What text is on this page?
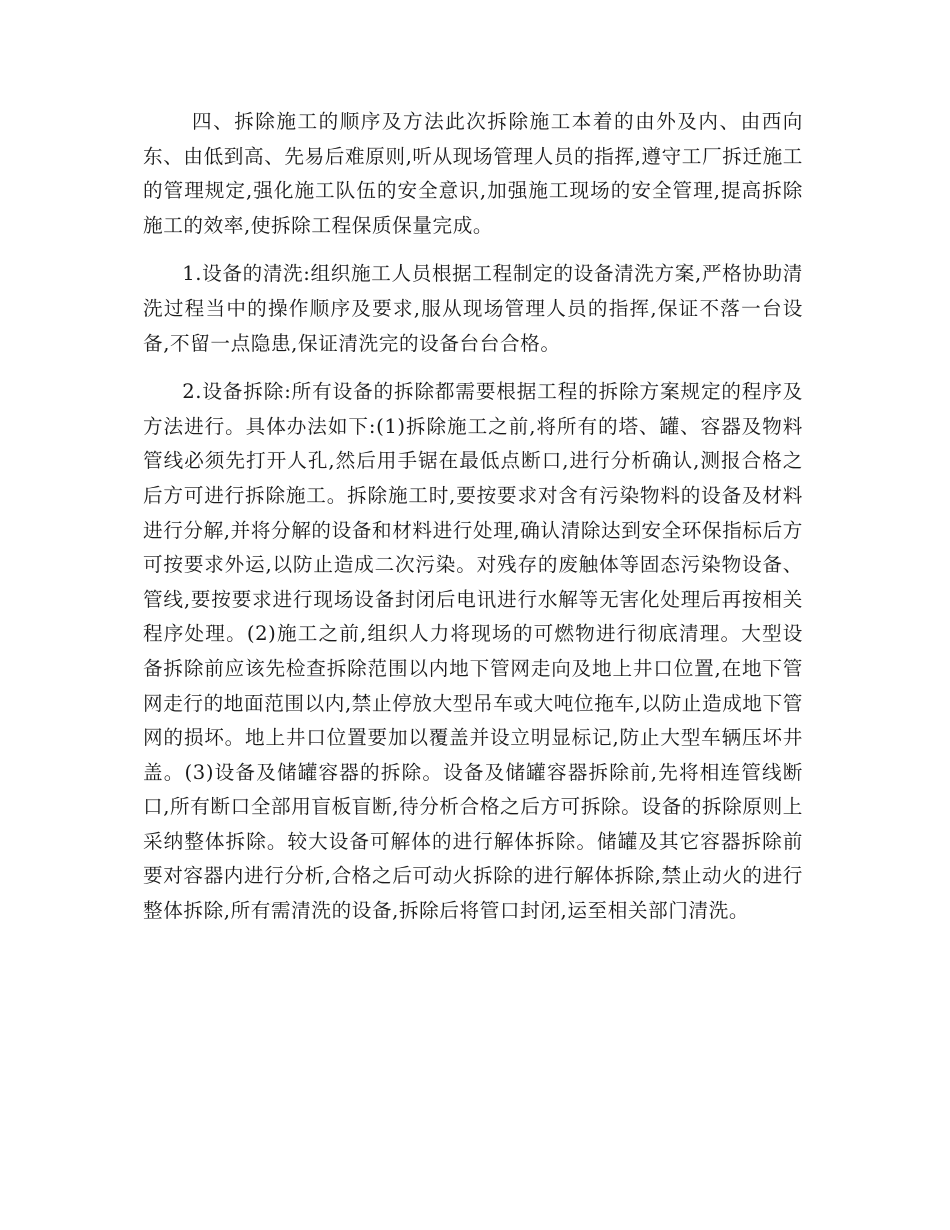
四、拆除施工的顺序及方法此次拆除施工本着的由外及内、由西向东、由低到高、先易后难原则,听从现场管理人员的指挥,遵守工厂拆迁施工的管理规定,强化施工队伍的安全意识,加强施工现场的安全管理,提高拆除施工的效率,使拆除工程保质保量完成。

1.设备的清洗:组织施工人员根据工程制定的设备清洗方案,严格协助清洗过程当中的操作顺序及要求,服从现场管理人员的指挥,保证不落一台设备,不留一点隐患,保证清洗完的设备台台合格。

2.设备拆除:所有设备的拆除都需要根据工程的拆除方案规定的程序及方法进行。具体办法如下:(1)拆除施工之前,将所有的塔、罐、容器及物料管线必须先打开人孔,然后用手锯在最低点断口,进行分析确认,测报合格之后方可进行拆除施工。拆除施工时,要按要求对含有污染物料的设备及材料进行分解,并将分解的设备和材料进行处理,确认清除达到安全环保指标后方可按要求外运,以防止造成二次污染。对残存的废触体等固态污染物设备、管线,要按要求进行现场设备封闭后电讯进行水解等无害化处理后再按相关程序处理。(2)施工之前,组织人力将现场的可燃物进行彻底清理。大型设备拆除前应该先检查拆除范围以内地下管网走向及地上井口位置,在地下管网走行的地面范围以内,禁止停放大型吊车或大吨位拖车,以防止造成地下管网的损坏。地上井口位置要加以覆盖并设立明显标记,防止大型车辆压坏井盖。(3)设备及储罐容器的拆除。设备及储罐容器拆除前,先将相连管线断口,所有断口全部用盲板盲断,待分析合格之后方可拆除。设备的拆除原则上采纳整体拆除。较大设备可解体的进行解体拆除。储罐及其它容器拆除前要对容器内进行分析,合格之后可动火拆除的进行解体拆除,禁止动火的进行整体拆除,所有需清洗的设备,拆除后将管口封闭,运至相关部门清洗。
